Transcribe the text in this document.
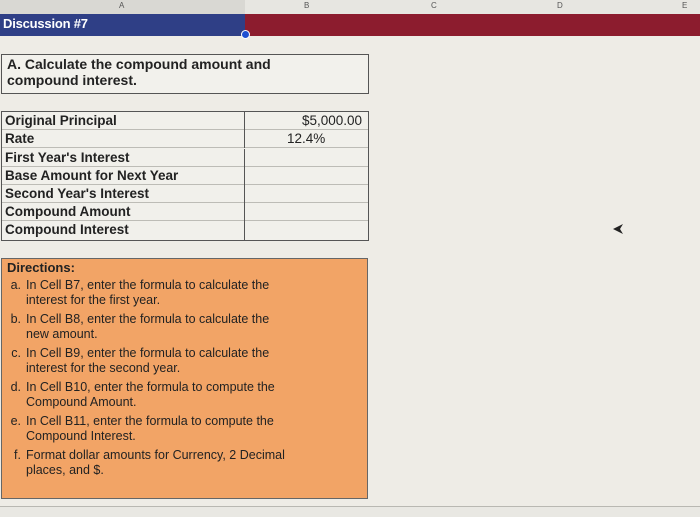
A	B	C	D	E
Discussion #7
A. Calculate the compound amount and compound interest.
Original Principal	$5,000.00
Rate	12.4%
First Year's Interest
Base Amount for Next Year
Second Year's Interest
Compound Amount
Compound Interest
Directions:
a. In Cell B7, enter the formula to calculate the interest for the first year.
b. In Cell B8, enter the formula to calculate the new amount.
c. In Cell B9, enter the formula to calculate the interest for the second year.
d. In Cell B10, enter the formula to compute the Compound Amount.
e. In Cell B11, enter the formula to compute the Compound Interest.
f. Format dollar amounts for Currency, 2 Decimal places, and $.
